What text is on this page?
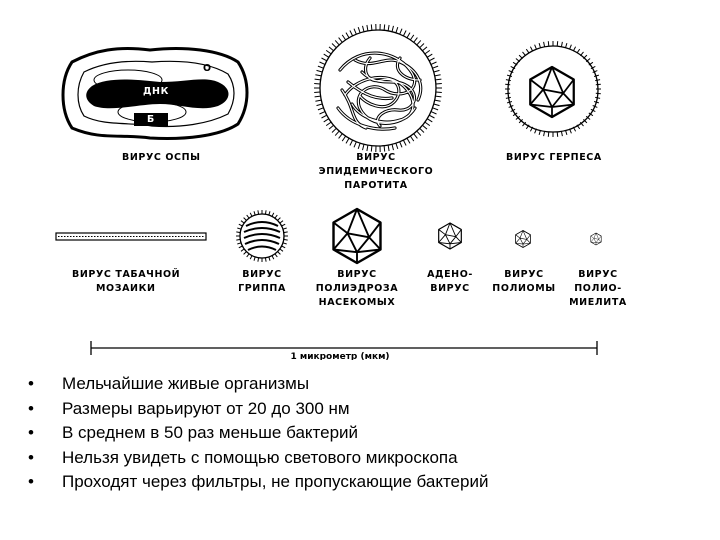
ДНК
О
Б
ВИРУС ОСПЫ	ВИРУС
ЭПИДЕМИЧЕСКОГО
ПАРОТИТА
ВИРУС ГЕРПЕСА
ВИРУС ТАБАЧНОЙ
МОЗАИКИ
ВИРУС
ГРИППА
ВИРУС
ПОЛИЭДРОЗА
НАСЕКОМЫХ
АДЕНО-
ВИРУС
ВИРУС
ПОЛИОМЫ
ВИРУС
ПОЛИО-
МИЕЛИТА
1 микрометр (мкм)
• Мельчайшие живые организмы
• Размеры варьируют от 20 до 300 нм
• В среднем в 50 раз меньше бактерий
• Нельзя увидеть с помощью светового микроскопа
• Проходят через фильтры, не пропускающие бактерий
